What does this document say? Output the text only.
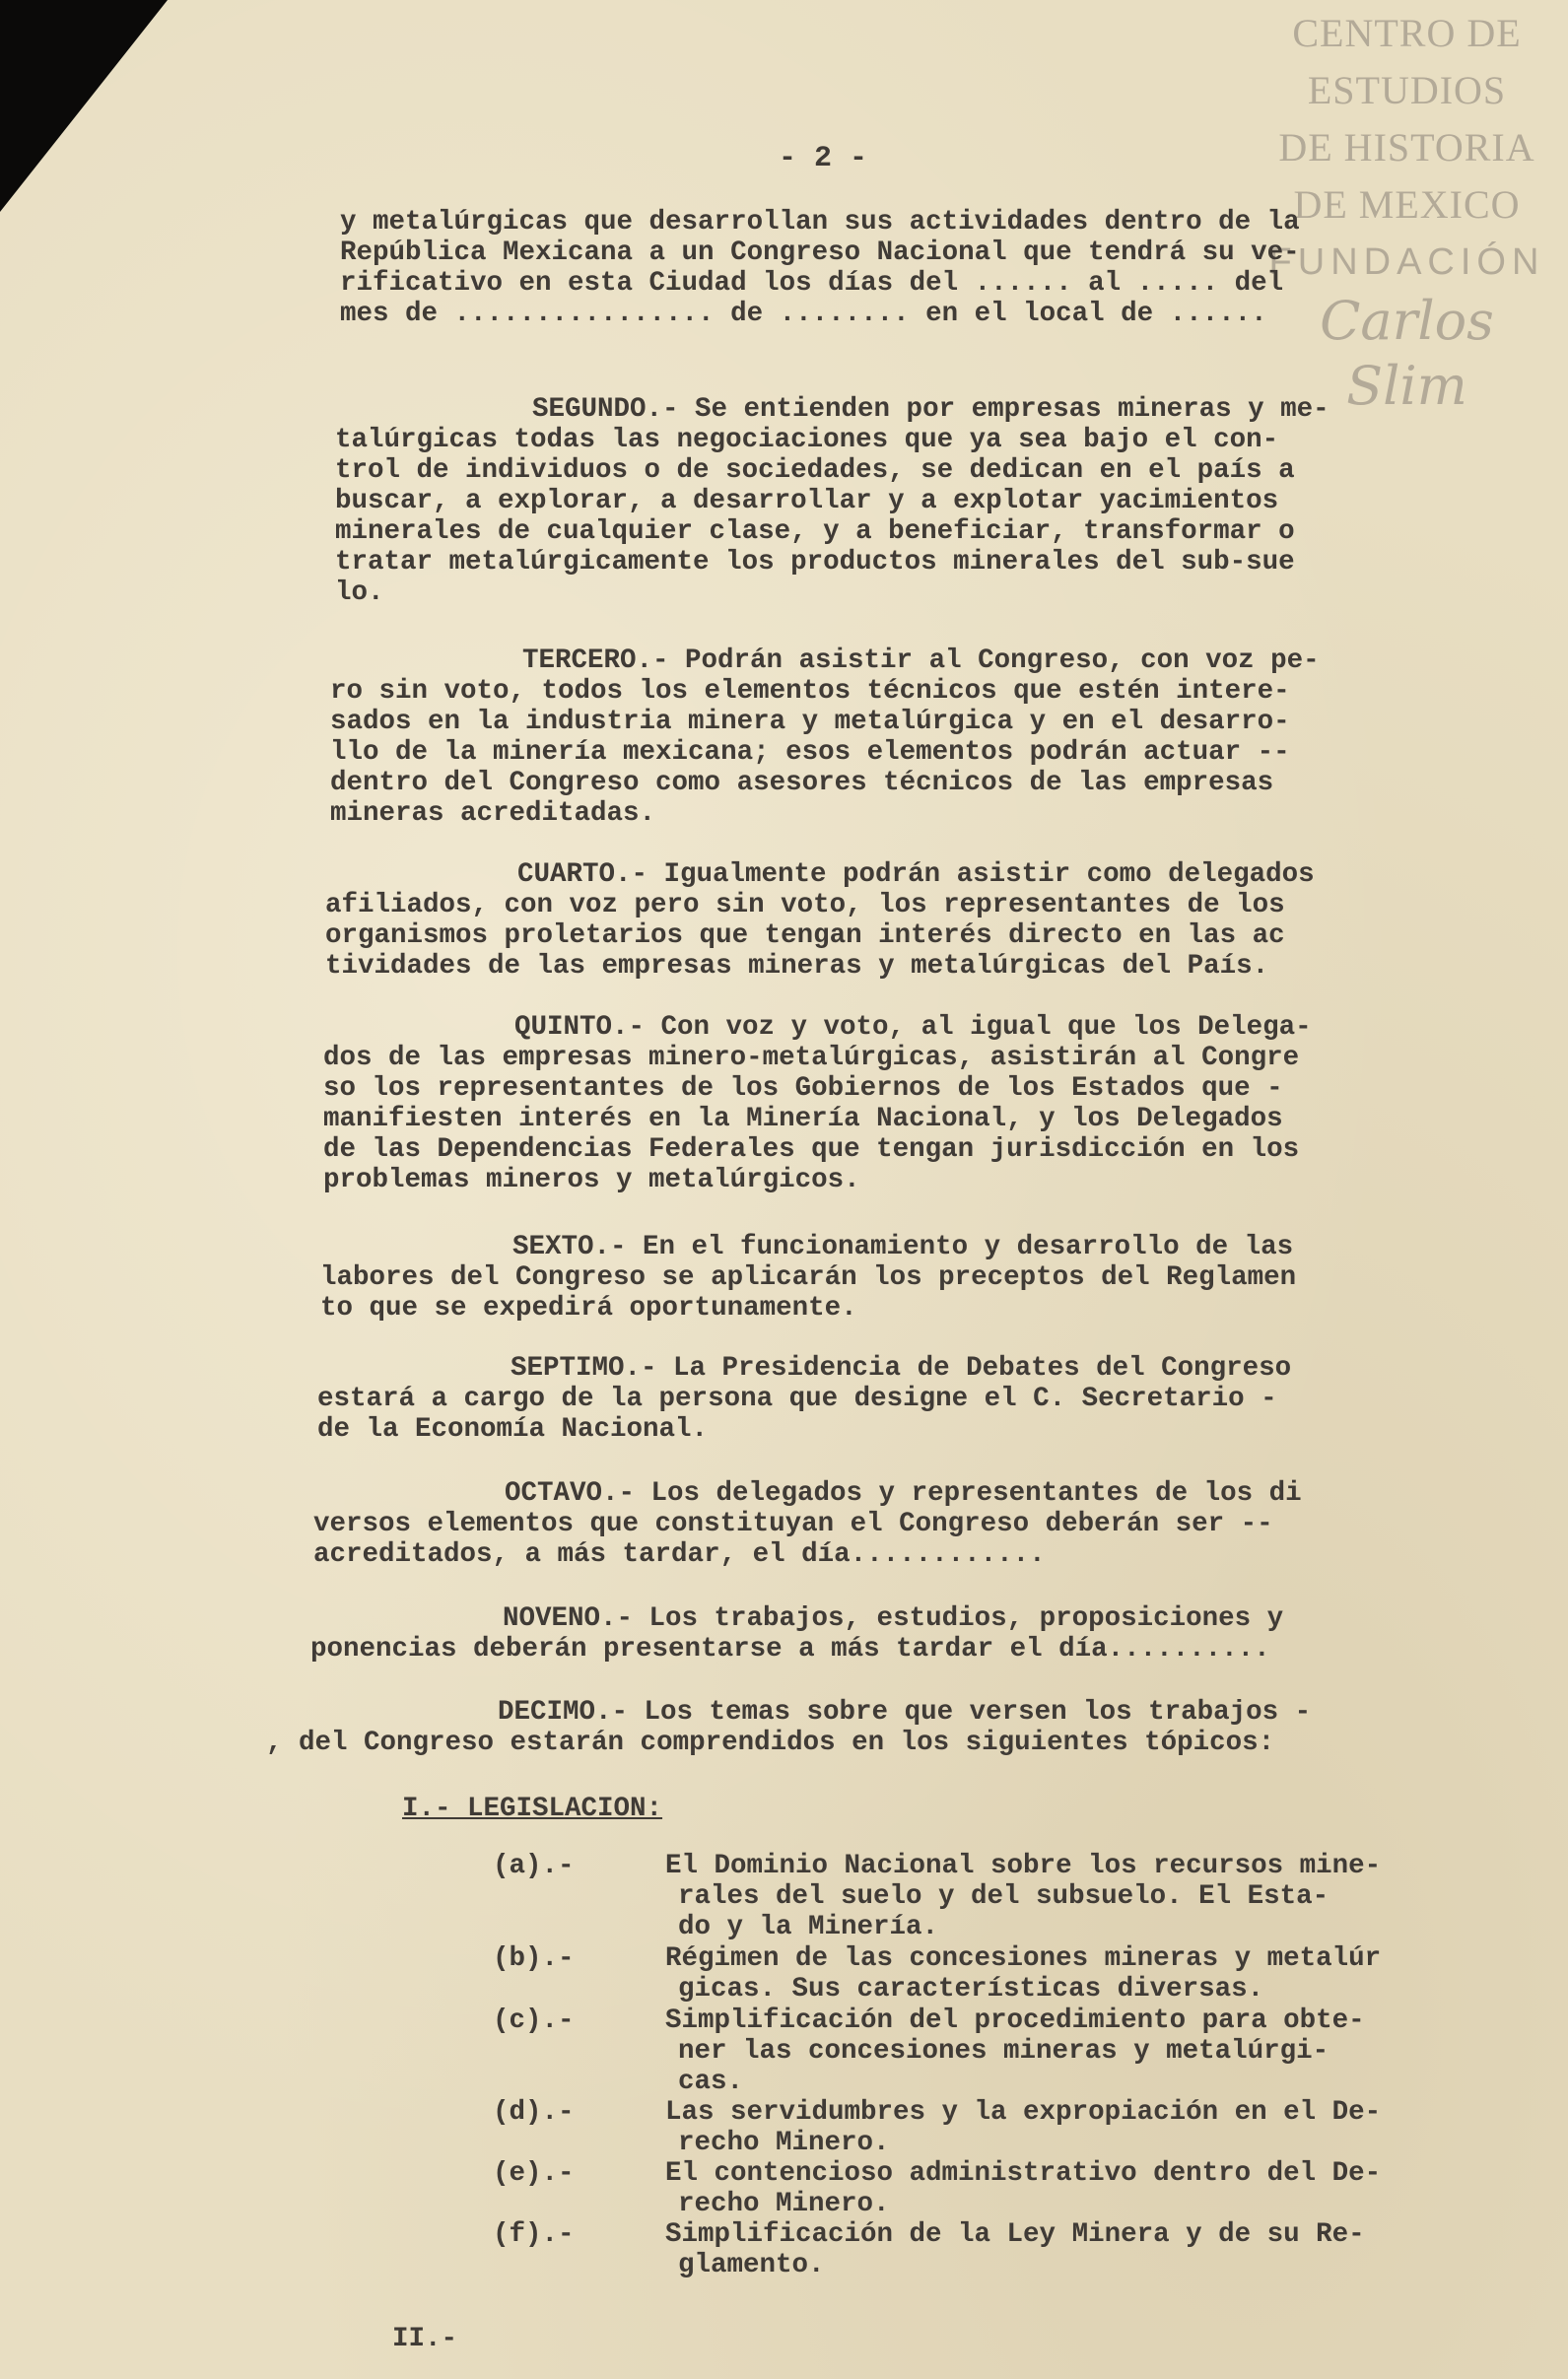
CENTRO DE
ESTUDIOS
DE HISTORIA
DE MEXICO
FUNDACIÓN
Carlos Slim
- 2 -
y metalúrgicas que desarrollan sus actividades dentro de la
República Mexicana a un Congreso Nacional que tendrá su ve-
rificativo en esta Ciudad los días del ...... al ..... del
mes de ................ de ........ en el local de ......
SEGUNDO.- Se entienden por empresas mineras y me-
talúrgicas todas las negociaciones que ya sea bajo el con-
trol de individuos o de sociedades, se dedican en el país a
buscar, a explorar, a desarrollar y a explotar yacimientos
minerales de cualquier clase, y a beneficiar, transformar o
tratar metalúrgicamente los productos minerales del sub-sue
lo.
TERCERO.- Podrán asistir al Congreso, con voz pe-
ro sin voto, todos los elementos técnicos que estén intere-
sados en la industria minera y metalúrgica y en el desarro-
llo de la minería mexicana; esos elementos podrán actuar --
dentro del Congreso como asesores técnicos de las empresas
mineras acreditadas.
CUARTO.- Igualmente podrán asistir como delegados
afiliados, con voz pero sin voto, los representantes de los
organismos proletarios que tengan interés directo en las ac
tividades de las empresas mineras y metalúrgicas del País.
QUINTO.- Con voz y voto, al igual que los Delega-
dos de las empresas minero-metalúrgicas, asistirán al Congre
so los representantes de los Gobiernos de los Estados que -
manifiesten interés en la Minería Nacional, y los Delegados
de las Dependencias Federales que tengan jurisdicción en los
problemas mineros y metalúrgicos.
SEXTO.- En el funcionamiento y desarrollo de las
labores del Congreso se aplicarán los preceptos del Reglamen
to que se expedirá oportunamente.
SEPTIMO.- La Presidencia de Debates del Congreso
estará a cargo de la persona que designe el C. Secretario -
de la Economía Nacional.
OCTAVO.- Los delegados y representantes de los di
versos elementos que constituyan el Congreso deberán ser --
acreditados, a más tardar, el día............
NOVENO.- Los trabajos, estudios, proposiciones y
ponencias deberán presentarse a más tardar el día..........
DECIMO.- Los temas sobre que versen los trabajos -
, del Congreso estarán comprendidos en los siguientes tópicos:
I.- LEGISLACION:
(a).-	El Dominio Nacional sobre los recursos mine-
rales del suelo y del subsuelo. El Esta-
do y la Minería.
(b).-	Régimen de las concesiones mineras y metalúr
gicas. Sus características diversas.
(c).-	Simplificación del procedimiento para obte-
ner las concesiones mineras y metalúrgi-
cas.
(d).-	Las servidumbres y la expropiación en el De-
recho Minero.
(e).-	El contencioso administrativo dentro del De-
recho Minero.
(f).-	Simplificación de la Ley Minera y de su Re-
glamento.
II.-
